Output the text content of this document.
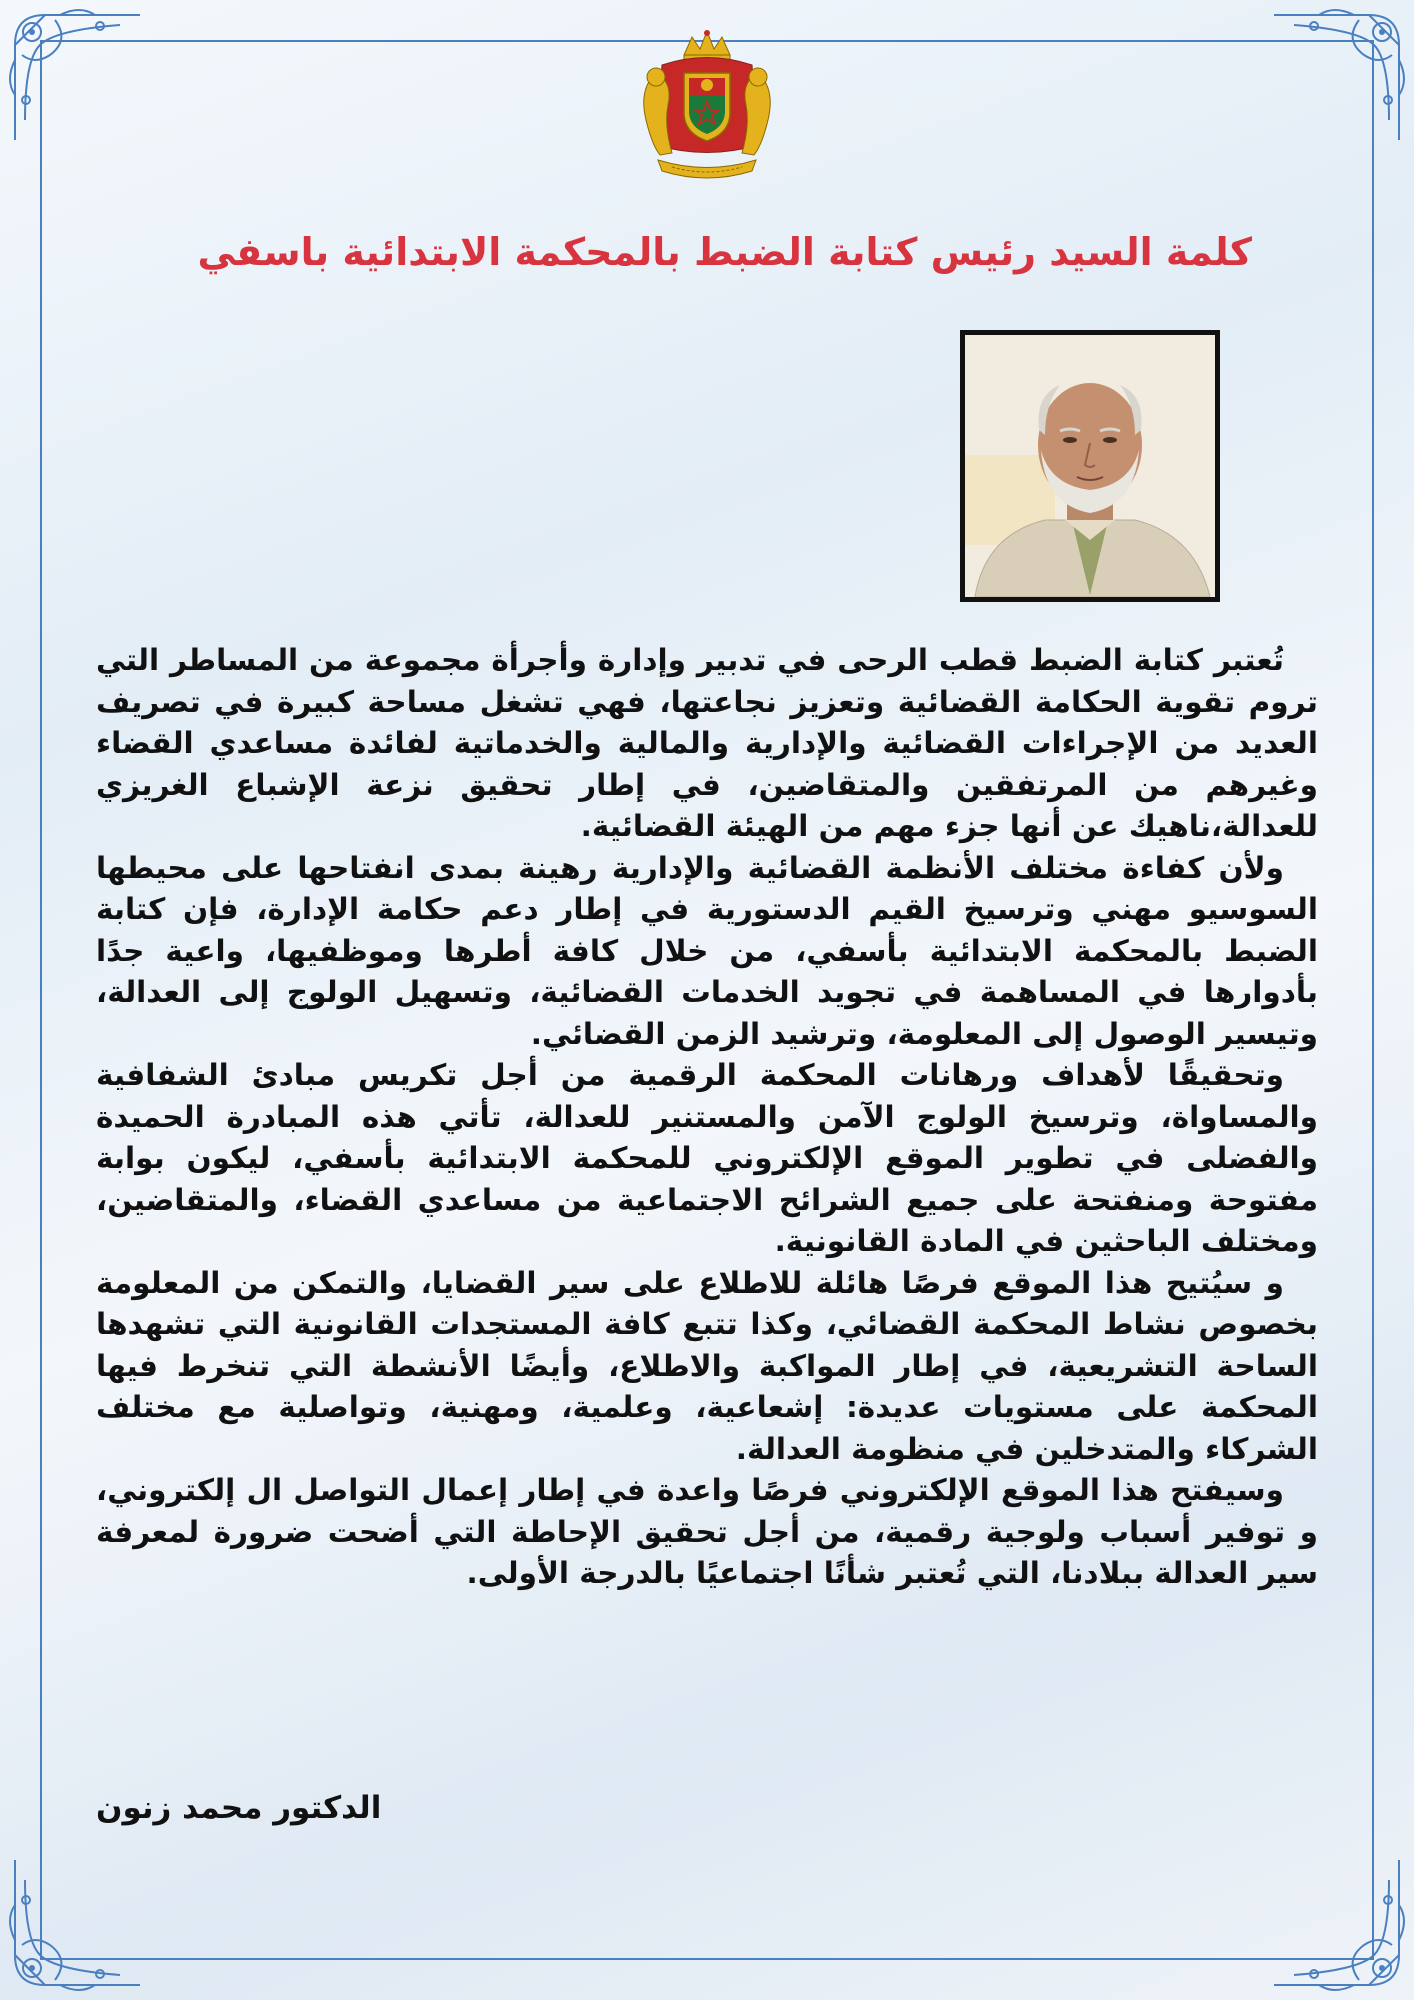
كلمة السيد رئيس كتابة الضبط بالمحكمة الابتدائية باسفي

تُعتبر كتابة الضبط قطب الرحى في تدبير وإدارة وأجرأة مجموعة من المساطر التي تروم تقوية الحكامة القضائية وتعزيز نجاعتها، فهي تشغل مساحة كبيرة في تصريف العديد من الإجراءات القضائية والإدارية والمالية والخدماتية لفائدة مساعدي القضاء وغيرهم من المرتفقين والمتقاضين، في إطار تحقيق نزعة الإشباع الغريزي للعدالة،ناهيك عن أنها جزء مهم من الهيئة القضائية.

ولأن كفاءة مختلف الأنظمة القضائية والإدارية رهينة بمدى انفتاحها على محيطها السوسيو مهني وترسيخ القيم الدستورية في إطار دعم حكامة الإدارة، فإن كتابة الضبط بالمحكمة الابتدائية بأسفي، من خلال كافة أطرها وموظفيها، واعية جدًا بأدوارها في المساهمة في تجويد الخدمات القضائية، وتسهيل الولوج إلى العدالة، وتيسير الوصول إلى المعلومة، وترشيد الزمن القضائي.

وتحقيقًا لأهداف ورهانات المحكمة الرقمية من أجل تكريس مبادئ الشفافية والمساواة، وترسيخ الولوج الآمن والمستنير للعدالة، تأتي هذه المبادرة الحميدة والفضلى في تطوير الموقع الإلكتروني للمحكمة الابتدائية بأسفي، ليكون بوابة مفتوحة ومنفتحة على جميع الشرائح الاجتماعية من مساعدي القضاء، والمتقاضين، ومختلف الباحثين في المادة القانونية.

و سيُتيح هذا الموقع فرصًا هائلة للاطلاع على سير القضايا، والتمكن من المعلومة بخصوص نشاط المحكمة القضائي، وكذا تتبع كافة المستجدات القانونية التي تشهدها الساحة التشريعية، في إطار المواكبة والاطلاع، وأيضًا الأنشطة التي تنخرط فيها المحكمة على مستويات عديدة: إشعاعية، وعلمية، ومهنية، وتواصلية مع مختلف الشركاء والمتدخلين في منظومة العدالة.

وسيفتح هذا الموقع الإلكتروني فرصًا واعدة في إطار إعمال التواصل ال إلكتروني، و توفير أسباب ولوجية رقمية، من أجل تحقيق الإحاطة التي أضحت ضرورة لمعرفة سير العدالة ببلادنا، التي تُعتبر شأنًا اجتماعيًا بالدرجة الأولى.

الدكتور محمد زنون
